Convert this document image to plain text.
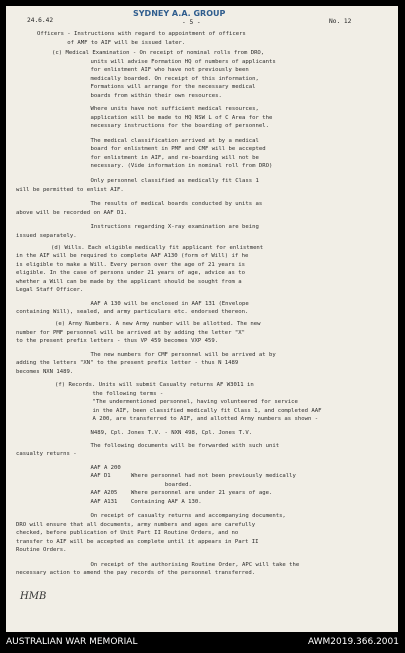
24.6.42
SYDNEY A.A. GROUP
- 5 -	No. 12
Officers - Instructions with regard to appointment of officers
of AMF to AIF will be issued later.
(c) Medical Examination - On receipt of nominal rolls from DRO,
units will advise Formation HQ of numbers of applicants
for enlistment AIF who have not previously been
medically boarded. On receipt of this information,
Formations will arrange for the necessary medical
boards from within their own resources.
Where units have not sufficient medical resources,
application will be made to HQ NSW L of C Area for the
necessary instructions for the boarding of personnel.
The medical classification arrived at by a medical
board for enlistment in PMF and CMF will be accepted
for enlistment in AIF, and re-boarding will not be
necessary. (Vide information in nominal roll from DRO)
Only personnel classified as medically fit Class 1
will be permitted to enlist AIF.
The results of medical boards conducted by units as
above will be recorded on AAF D1.
Instructions regarding X-ray examination are being
issued separately.
(d) Wills. Each eligible medically fit applicant for enlistment
in the AIF will be required to complete AAF A130 (form of Will) if he
is eligible to make a Will. Every person over the age of 21 years is
eligible. In the case of persons under 21 years of age, advice as to
whether a Will can be made by the applicant should be sought from a
Legal Staff Officer.
AAF A 130 will be enclosed in AAF 131 (Envelope
containing Will), sealed, and army particulars etc. endorsed thereon.
(e) Army Numbers. A new Army number will be allotted. The new
number for PMF personnel will be arrived at by adding the letter "X"
to the present prefix letters - thus VP 459 becomes VXP 459.
The new numbers for CMF personnel will be arrived at by
adding the letters "XN" to the present prefix letter - thus N 1489
becomes NXN 1489.
(f) Records. Units will submit Casualty returns AF W3011 in
the following terms -
"The undermentioned personnel, having volunteered for service
in the AIF, been classified medically fit Class 1, and completed AAF
A 200, are transferred to AIF, and allotted Army numbers as shown -
N489, Cpl. Jones T.V. - NXN 498, Cpl. Jones T.V.
The following documents will be forwarded with such unit
casualty returns -
AAF A 200
AAF D1      Where personnel had not been previously medically
boarded.
AAF A205    Where personnel are under 21 years of age.
AAF A131    Containing AAF A 130.
On receipt of casualty returns and accompanying documents,
DRO will ensure that all documents, army numbers and ages are carefully
checked, before publication of Unit Part II Routine Orders, and no
transfer to AIF will be accepted as complete until it appears in Part II
Routine Orders.
On receipt of the authorising Routine Order, APC will take the
necessary action to amend the pay records of the personnel transferred.
HMB
AUSTRALIAN WAR MEMORIAL	AWM2019.366.2001
